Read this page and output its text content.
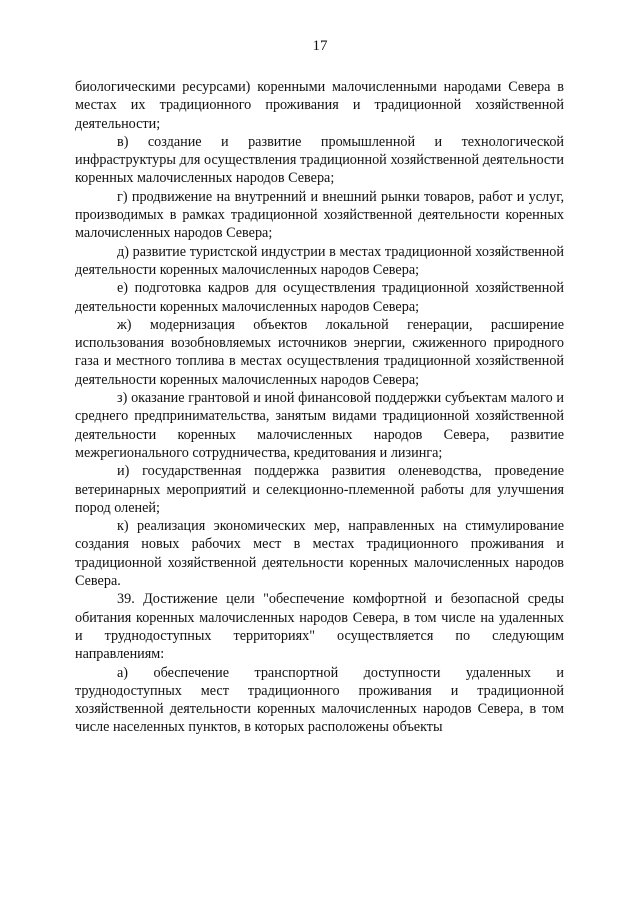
17

биологическими ресурсами) коренными малочисленными народами Севера в местах их традиционного проживания и традиционной хозяйственной деятельности;

в) создание и развитие промышленной и технологической инфраструктуры для осуществления традиционной хозяйственной деятельности коренных малочисленных народов Севера;

г) продвижение на внутренний и внешний рынки товаров, работ и услуг, производимых в рамках традиционной хозяйственной деятельности коренных малочисленных народов Севера;

д) развитие туристской индустрии в местах традиционной хозяйственной деятельности коренных малочисленных народов Севера;

е) подготовка кадров для осуществления традиционной хозяйственной деятельности коренных малочисленных народов Севера;

ж) модернизация объектов локальной генерации, расширение использования возобновляемых источников энергии, сжиженного природного газа и местного топлива в местах осуществления традиционной хозяйственной деятельности коренных малочисленных народов Севера;

з) оказание грантовой и иной финансовой поддержки субъектам малого и среднего предпринимательства, занятым видами традиционной хозяйственной деятельности коренных малочисленных народов Севера, развитие межрегионального сотрудничества, кредитования и лизинга;

и) государственная поддержка развития оленеводства, проведение ветеринарных мероприятий и селекционно-племенной работы для улучшения пород оленей;

к) реализация экономических мер, направленных на стимулирование создания новых рабочих мест в местах традиционного проживания и традиционной хозяйственной деятельности коренных малочисленных народов Севера.

39. Достижение цели "обеспечение комфортной и безопасной среды обитания коренных малочисленных народов Севера, в том числе на удаленных и труднодоступных территориях" осуществляется по следующим направлениям:

а) обеспечение транспортной доступности удаленных и труднодоступных мест традиционного проживания и традиционной хозяйственной деятельности коренных малочисленных народов Севера, в том числе населенных пунктов, в которых расположены объекты
